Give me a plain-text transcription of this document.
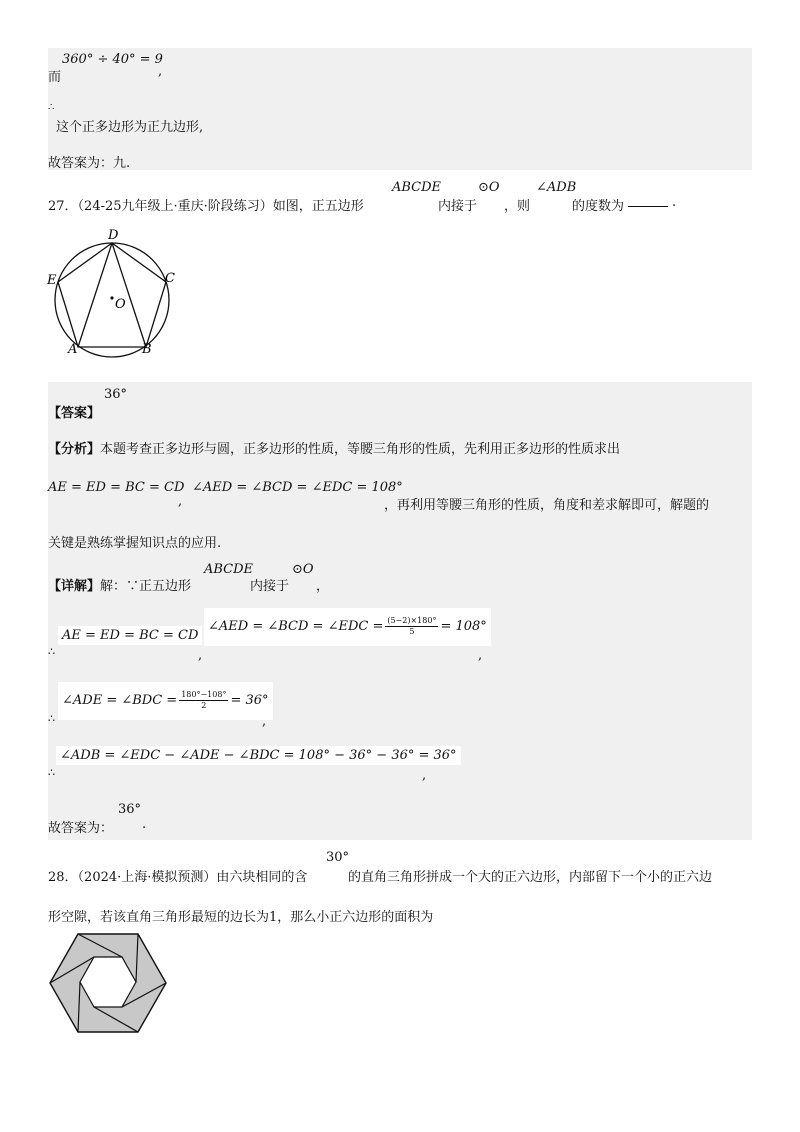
360° ÷ 40° = 9
而	,
∴
这个正多边形为正九边形,
故答案为：九.
27．（24-25九年级上·重庆·阶段练习）如图，正五边形
ABCDE
内接于
⊙O
，则
∠ADB
的度数为	.
D
E	C
O
A	B
36°
【答案】
【分析】本题考查正多边形与圆，正多边形的性质，等腰三角形的性质，先利用正多边形的性质求出
AE = ED = BC = CD
,
∠AED = ∠BCD = ∠EDC = 108°
，再利用等腰三角形的性质，角度和差求解即可，解题的
关键是熟练掌握知识点的应用.
【详解】解：∵正五边形
ABCDE
内接于
⊙O
，
∴
AE = ED = BC = CD
,
∠AED = ∠BCD = ∠EDC = $\frac{(5-2)\times 180^\circ}{5} = 108^\circ$
,
∴
∠ADE = ∠BDC = $\frac{180^\circ-108^\circ}{2} = 36^\circ$
,
∴
∠ADB = ∠EDC − ∠ADE − ∠BDC = 108° − 36° − 36° = 36°
,
故答案为：
36°
.
28．（2024·上海·模拟预测）由六块相同的含
30°
的直角三角形拼成一个大的正六边形，内部留下一个小的正六边
形空隙，若该直角三角形最短的边长为1，那么小正六边形的面积为
